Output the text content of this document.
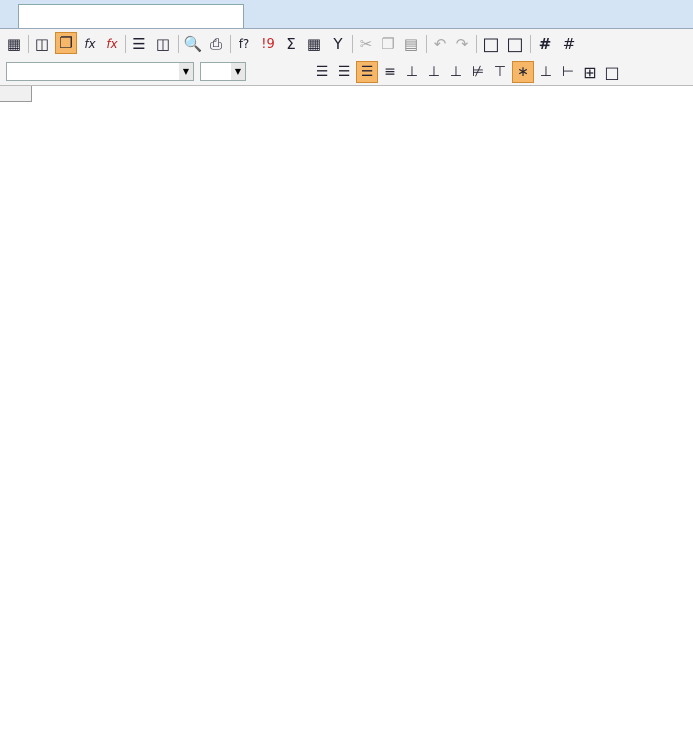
▦ ◫ ❐ fx fx ☰ ◫ 🔍 ⎙	f? !9 Σ ▦ Υ	✂ ❐ ▤ ↶ ↷ □ □	# #
▼	▼	☰ ☰ ☰ ≡ ⊥ ⊥ ⊥ ⊭ ⊤ ∗ ⊥ ⊢ ⊞ □
